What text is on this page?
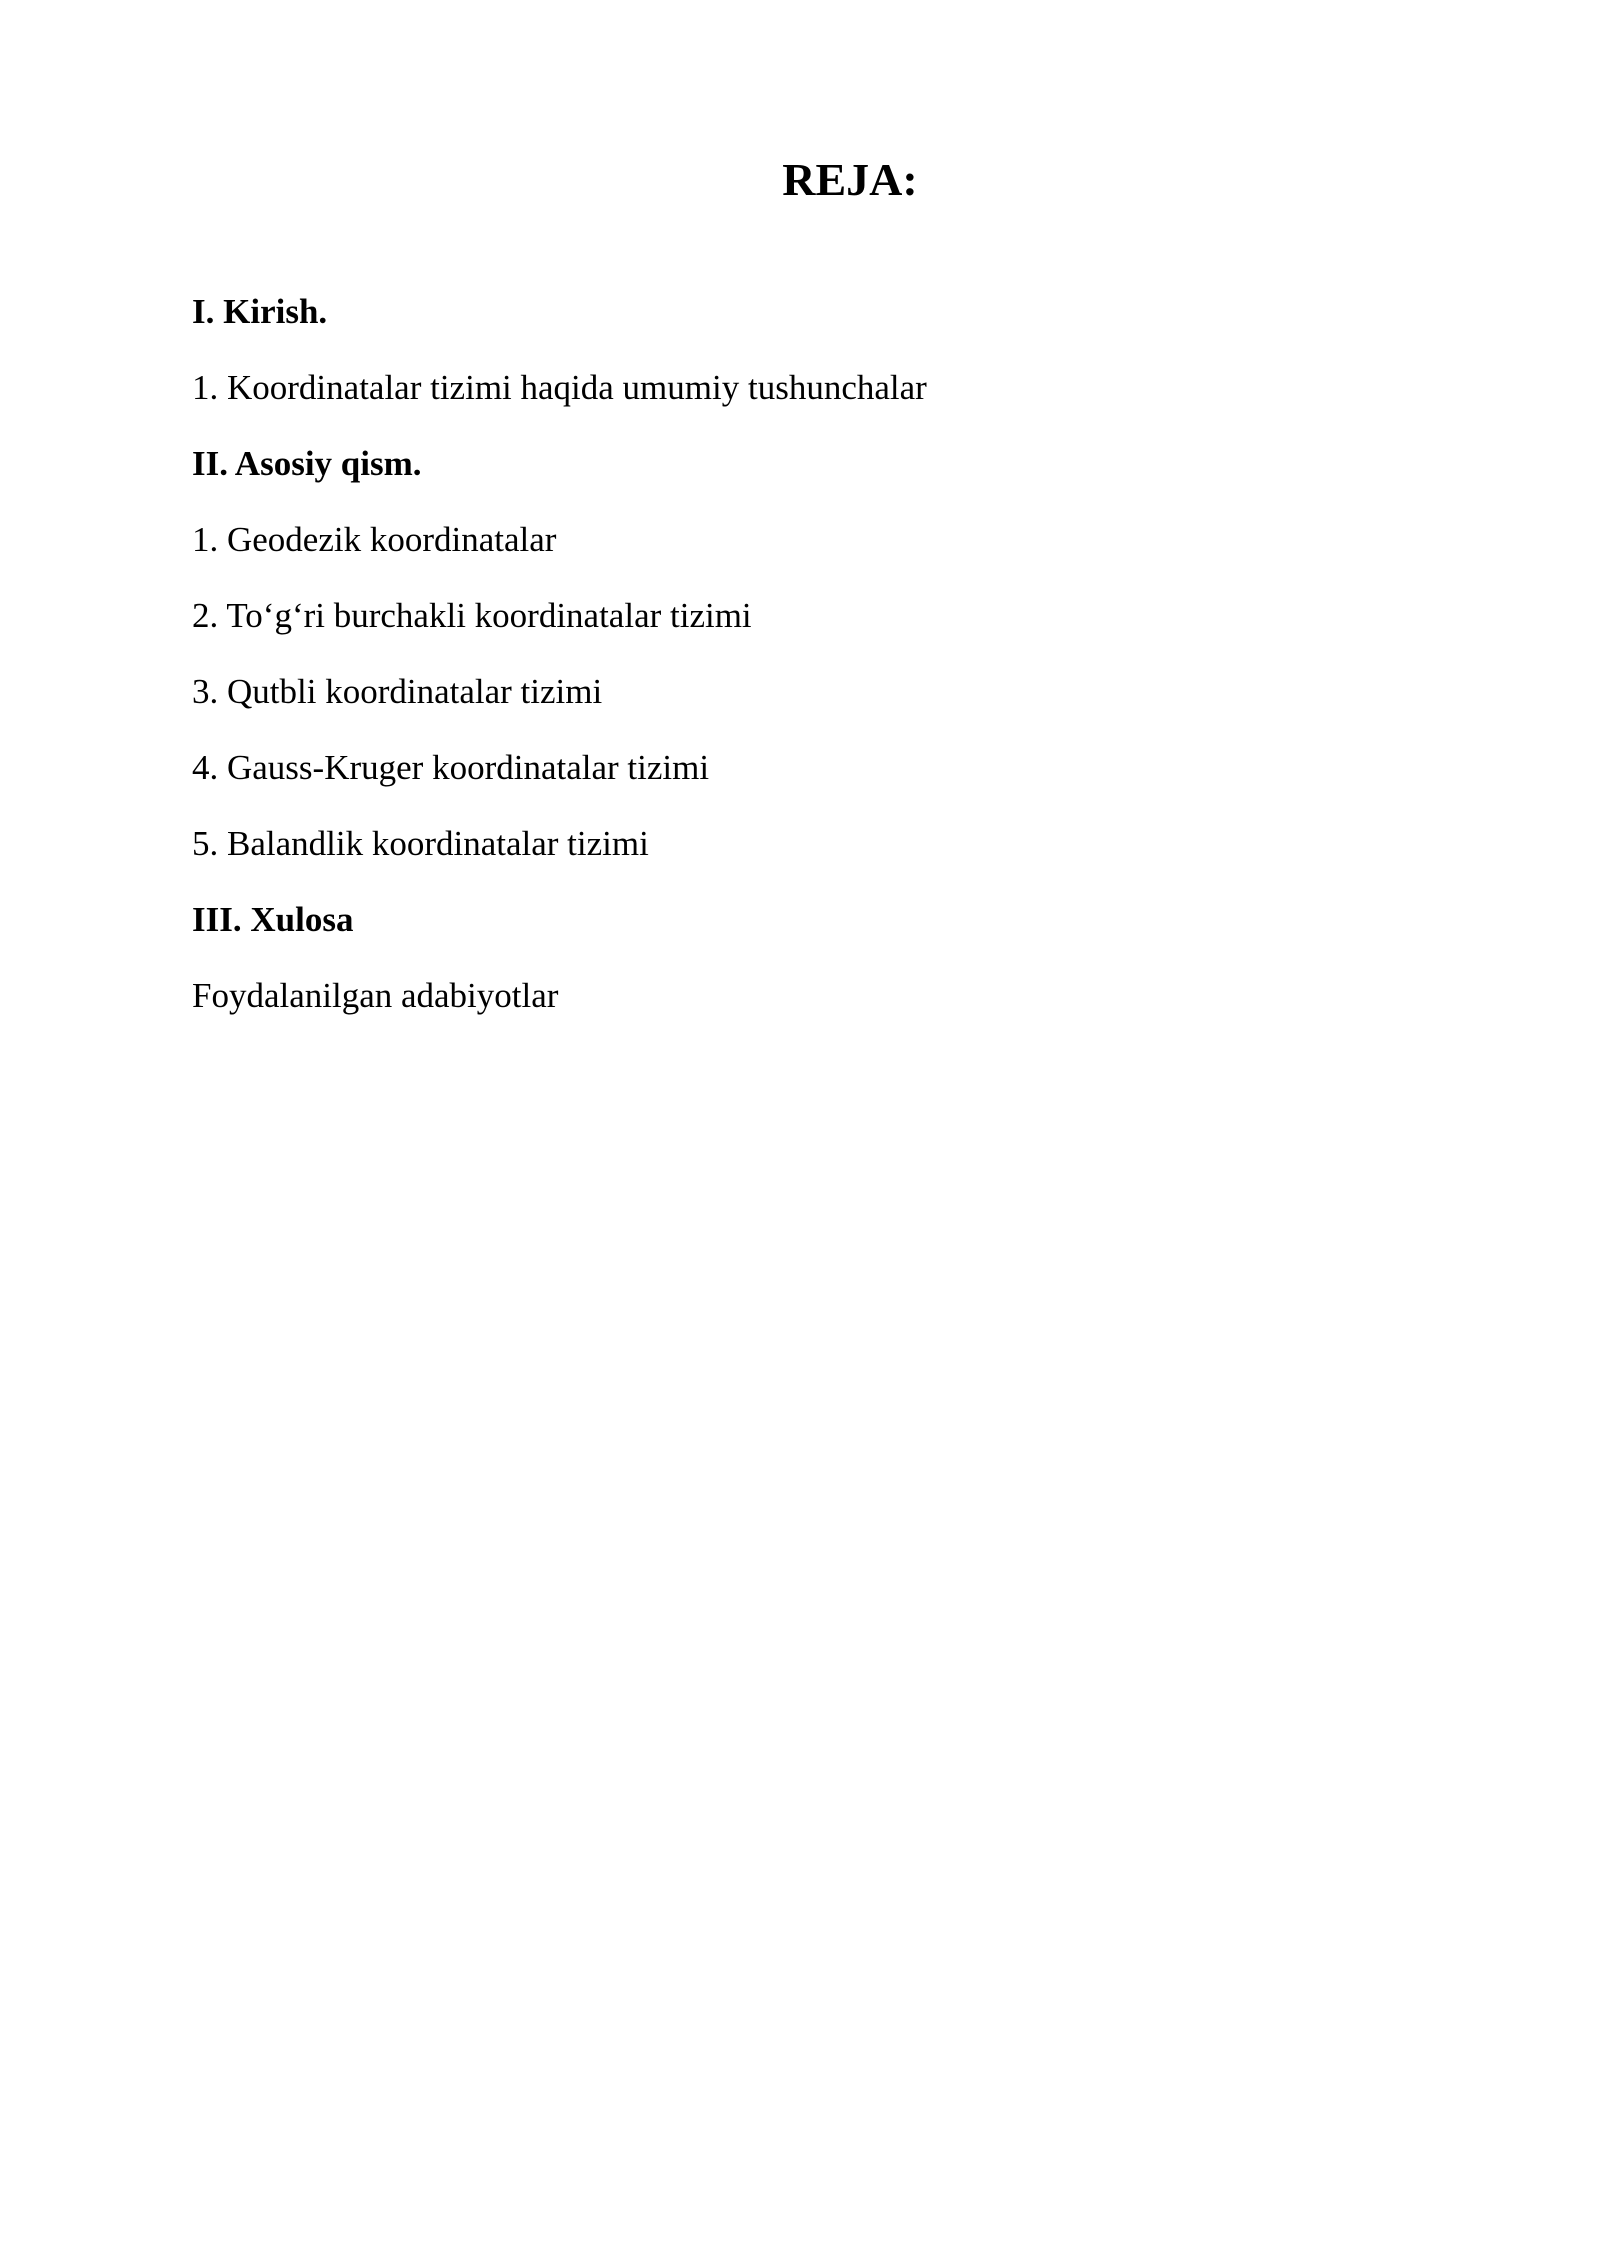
REJA:

I. Kirish.

1. Koordinatalar tizimi haqida umumiy tushunchalar

II. Asosiy qism.

1. Geodezik koordinatalar

2. To‘g‘ri burchakli koordinatalar tizimi

3. Qutbli koordinatalar tizimi

4. Gauss-Kruger koordinatalar tizimi

5. Balandlik koordinatalar tizimi

III. Xulosa

Foydalanilgan adabiyotlar
